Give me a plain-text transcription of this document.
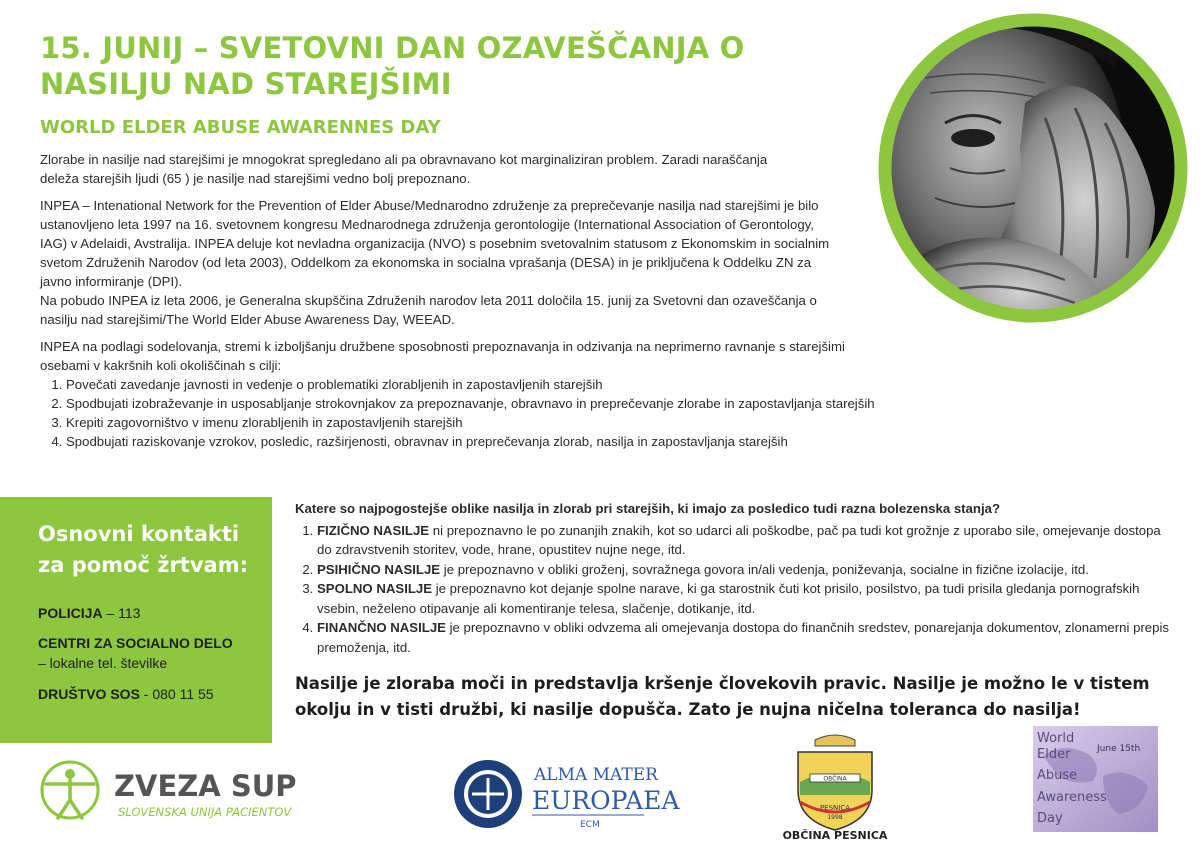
15. JUNIJ – SVETOVNI DAN OZAVEŠČANJA O NASILJU NAD STAREJŠIMI
WORLD ELDER ABUSE AWARENNES DAY

Zlorabe in nasilje nad starejšimi je mnogokrat spregledano ali pa obravnavano kot marginaliziran problem. Zaradi naraščanja deleža starejših ljudi (65 ) je nasilje nad starejšimi vedno bolj prepoznano.

INPEA – Intenational Network for the Prevention of Elder Abuse/Mednarodno združenje za preprečevanje nasilja nad starejšimi je bilo ustanovljeno leta 1997 na 16. svetovnem kongresu Mednarodnega združenja gerontologije (International Association of Gerontology, IAG) v Adelaidi, Avstralija. INPEA deluje kot nevladna organizacija (NVO) s posebnim svetovalnim statusom z Ekonomskim in socialnim svetom Združenih Narodov (od leta 2003), Oddelkom za ekonomska in socialna vprašanja (DESA) in je priključena k Oddelku ZN za javno informiranje (DPI).

Na pobudo INPEA iz leta 2006, je Generalna skupščina Združenih narodov leta 2011 določila 15. junij za Svetovni dan ozaveščanja o nasilju nad starejšimi/The World Elder Abuse Awareness Day, WEEAD.

INPEA na podlagi sodelovanja, stremi k izboljšanju družbene sposobnosti prepoznavanja in odzivanja na neprimerno ravnanje s starejšimi osebami v kakršnih koli okoliščinah s cilji:

1. Povečati zavedanje javnosti in vedenje o problematiki zlorabljenih in zapostavljenih starejših
2. Spodbujati izobraževanje in usposabljanje strokovnjakov za prepoznavanje, obravnavo in preprečevanje zlorabe in zapostavljanja starejših
3. Krepiti zagovorništvo v imenu zlorabljenih in zapostavljenih starejših
4. Spodbujati raziskovanje vzrokov, posledic, razširjenosti, obravnav in preprečevanja zlorab, nasilja in zapostavljanja starejših
Osnovni kontakti za pomoč žrtvam:
POLICIJA – 113
CENTRI ZA SOCIALNO DELO
– lokalne tel. številke
DRUŠTVO SOS - 080 11 55

Katere so najpogostejše oblike nasilja in zlorab pri starejših, ki imajo za posledico tudi razna bolezenska stanja?

1. FIZIČNO NASILJE ni prepoznavno le po zunanjih znakih, kot so udarci ali poškodbe, pač pa tudi kot grožnje z uporabo sile, omejevanje dostopa do zdravstvenih storitev, vode, hrane, opustitev nujne nege, itd.
2. PSIHIČNO NASILJE je prepoznavno v obliki groženj, sovražnega govora in/ali vedenja, poniževanja, socialne in fizične izolacije, itd.
3. SPOLNO NASILJE je prepoznavno kot dejanje spolne narave, ki ga starostnik čuti kot prisilo, posilstvo, pa tudi prisila gledanja pornografskih vsebin, neželeno otipavanje ali komentiranje telesa, slačenje, dotikanje, itd.
4. FINANČNO NASILJE je prepoznavno v obliki odvzema ali omejevanja dostopa do finančnih sredstev, ponarejanja dokumentov, zlonamerni prepis premoženja, itd.

Nasilje je zloraba moči in predstavlja kršenje človekovih pravic. Nasilje je možno le v tistem okolju in v tisti družbi, ki nasilje dopušča. Zato je nujna ničelna toleranca do nasilja!

ZVEZA SUP
SLOVENSKA UNIJA PACIENTOV
ALMA MATER
EUROPAEA
ECM
OBČINA
PESNICA
1998
OBČINA PESNICA
World
Elder
Abuse
Awareness
Day
June 15th
